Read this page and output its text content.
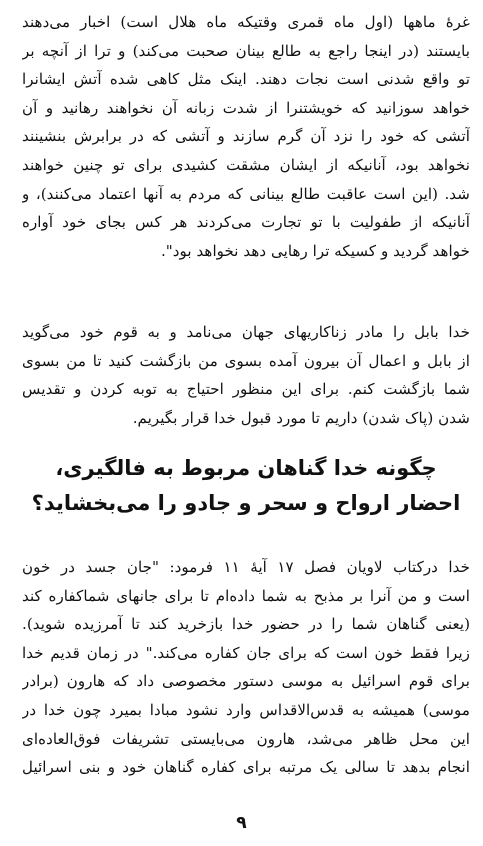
غرهٔ ماهها (اول ماه قمری وقتیکه ماه هلال است) اخبار می‌دهند
بایستند (در اینجا راجع به طالع بینان صحبت می‌کند) و ترا از آنچه بر
تو واقع شدنی است نجات دهند. اینک مثل کاهی شده آتش ایشانرا
خواهد سوزانید که خویشتنرا از شدت زبانه آن نخواهند رهانید و آن
آتشی که خود را نزد آن گرم سازند و آتشی که در برابرش بنشینند
نخواهد بود، آنانیکه از ایشان مشقت کشیدی برای تو چنین خواهند
شد. (این است عاقبت طالع بینانی که مردم به آنها اعتماد می‌کنند)، و
آنانیکه از طفولیت با تو تجارت می‌کردند هر کس بجای خود آواره
خواهد گردید و کسیکه ترا رهایی دهد نخواهد بود".
خدا بابل را مادر زناکاریهای جهان می‌نامد و به قوم خود می‌گوید
از بابل و اعمال آن بیرون آمده بسوی من بازگشت کنید تا من بسوی
شما بازگشت کنم. برای این منظور احتیاج به توبه کردن و تقدیس
شدن (پاک شدن) داریم تا مورد قبول خدا قرار بگیریم.
چگونه خدا گناهان مربوط به فالگیری،
احضار ارواح و سحر و جادو را می‌بخشاید؟
خدا درکتاب لاویان فصل ۱۷ آیهٔ ۱۱ فرمود: "جان جسد در خون
است و من آنرا بر مذبح به شما داده‌ام تا برای جانهای شماکفاره کند
(یعنی گناهان شما را در حضور خدا بازخرید کند تا آمرزیده شوید).
زیرا فقط خون است که برای جان کفاره می‌کند." در زمان قدیم خدا
برای قوم اسرائیل به موسی دستور مخصوصی داد که هارون (برادر
موسی) همیشه به قدس‌الاقداس وارد نشود مبادا بمیرد چون خدا در
این محل ظاهر می‌شد، هارون می‌بایستی تشریفات فوق‌العاده‌ای
انجام بدهد تا سالی یک مرتبه برای کفاره گناهان خود و بنی اسرائیل
۹
